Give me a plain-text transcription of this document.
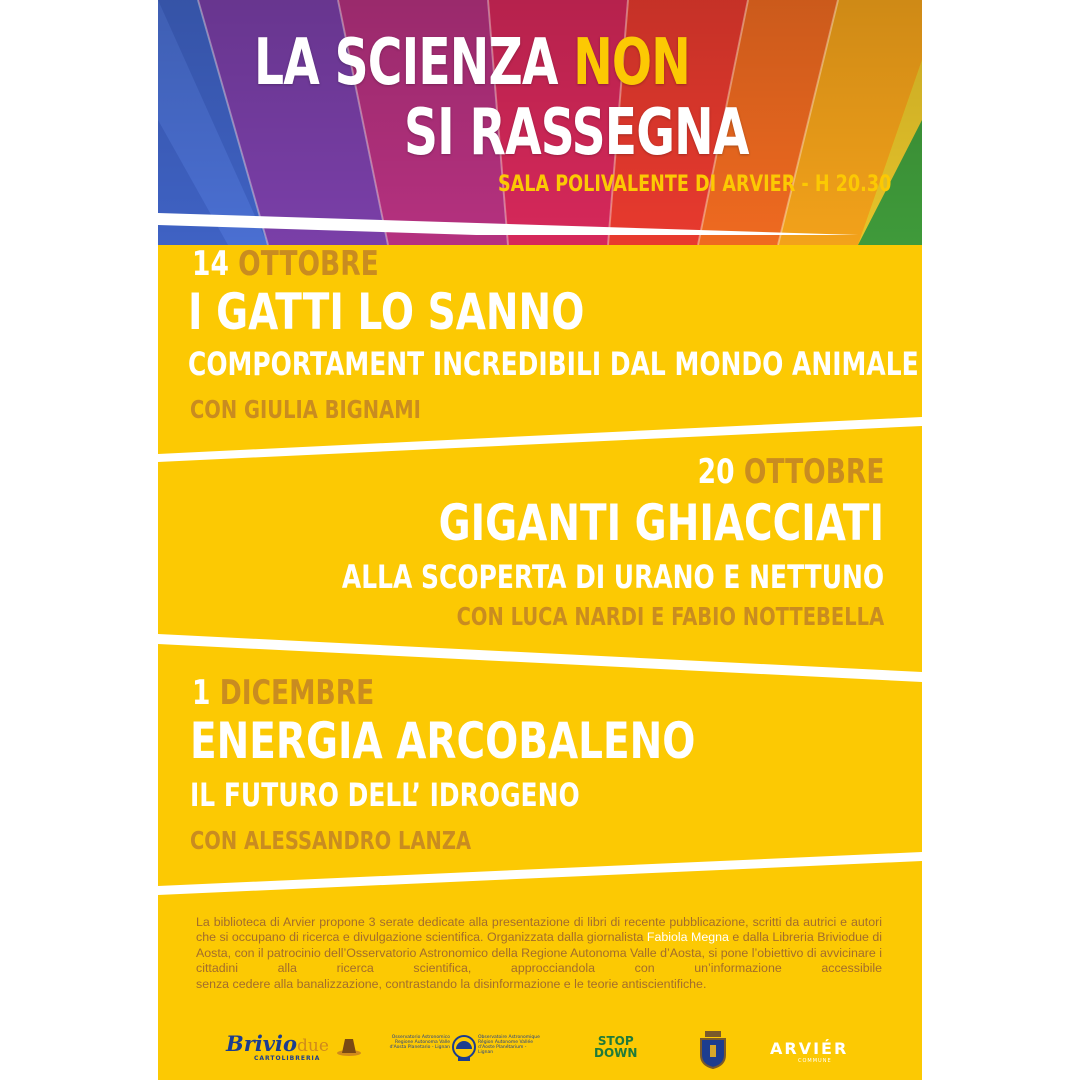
LA SCIENZA NON
SI RASSEGNA
SALA POLIVALENTE DI ARVIER - H 20.30
14 OTTOBRE
I GATTI LO SANNO
COMPORTAMENT INCREDIBILI DAL MONDO ANIMALE
CON GIULIA BIGNAMI
20 OTTOBRE
GIGANTI GHIACCIATI
ALLA SCOPERTA DI URANO E NETTUNO
CON LUCA NARDI E FABIO NOTTEBELLA
1 DICEMBRE
ENERGIA ARCOBALENO
IL FUTURO DELL’ IDROGENO
CON ALESSANDRO LANZA

La biblioteca di Arvier propone 3 serate dedicate alla presentazione di libri di recente pubblicazione, scritti da autrici e autori che si occupano di ricerca e divulgazione scientifica. Organizzata dalla giornalista Fabiola Megna e dalla Libreria Briviodue di Aosta, con il patrocinio dell’Osservatorio Astronomico della Regione Autonoma Valle d’Aosta, si pone l’obiettivo di avvicinare i cittadini alla ricerca scientifica, approcciandola con un’informazione accessibile
senza cedere alla banalizzazione, contrastando la disinformazione e le teorie antiscientifiche.

Briviodue
CARTOLIBRERIA
Osservatorio Astronomico Regione Autonoma Valle d'Aosta Planetario - Lignan
Observatoire Astronomique Région Autonome Vallée d'Aoste Planétarium - Lignan
STOP
DOWN	ARVIÉR
COMMUNE
